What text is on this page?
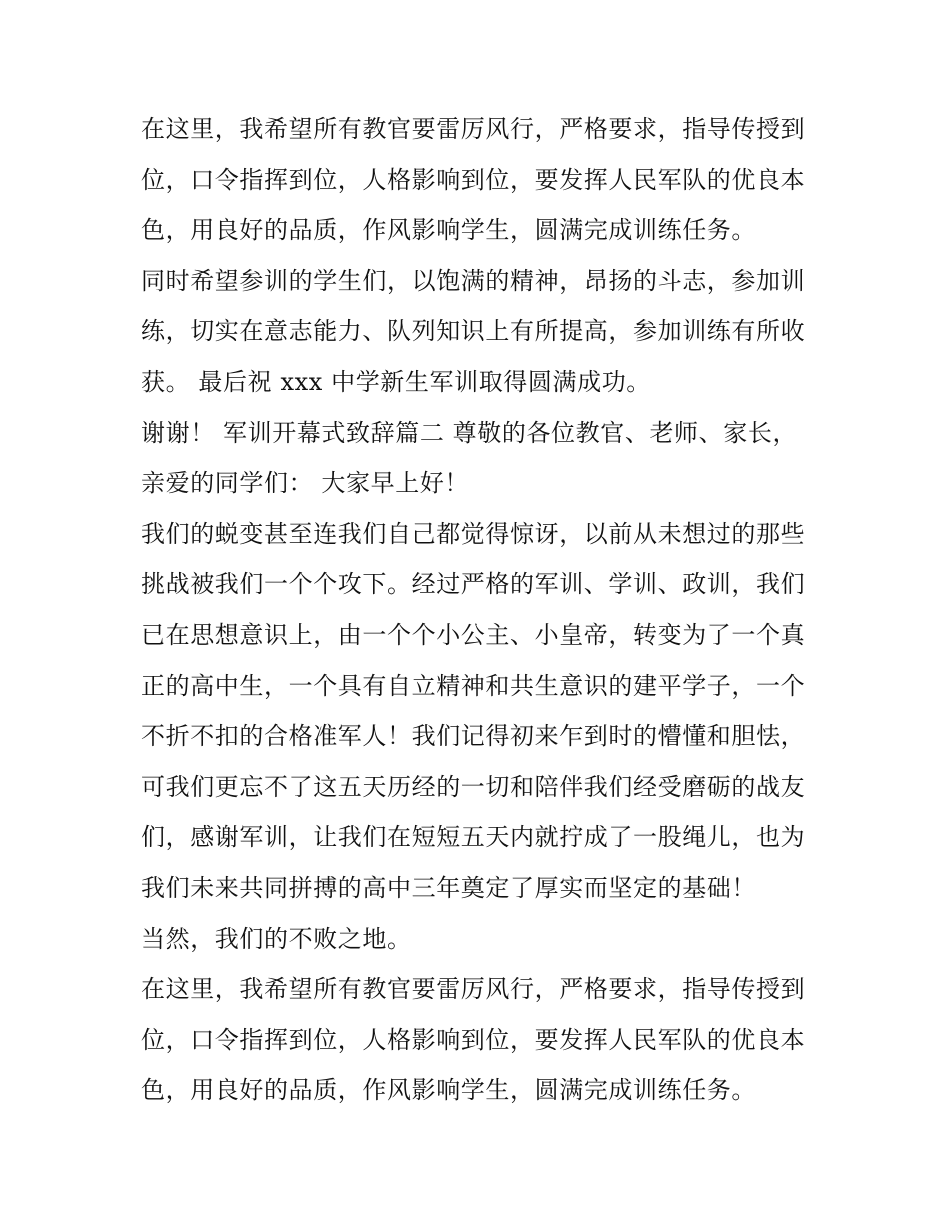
在这里，我希望所有教官要雷厉风行，严格要求，指导传授到
位，口令指挥到位，人格影响到位，要发挥人民军队的优良本
色，用良好的品质，作风影响学生，圆满完成训练任务。
同时希望参训的学生们，以饱满的精神，昂扬的斗志，参加训
练，切实在意志能力、队列知识上有所提高，参加训练有所收
获。 最后祝 xxx 中学新生军训取得圆满成功。
谢谢！ 军训开幕式致辞篇二 尊敬的各位教官、老师、家长，
亲爱的同学们： 大家早上好！
我们的蜕变甚至连我们自己都觉得惊讶，以前从未想过的那些
挑战被我们一个个攻下。经过严格的军训、学训、政训，我们
已在思想意识上，由一个个小公主、小皇帝，转变为了一个真
正的高中生，一个具有自立精神和共生意识的建平学子，一个
不折不扣的合格准军人！我们记得初来乍到时的懵懂和胆怯，
可我们更忘不了这五天历经的一切和陪伴我们经受磨砺的战友
们，感谢军训，让我们在短短五天内就拧成了一股绳儿，也为
我们未来共同拼搏的高中三年奠定了厚实而坚定的基础！
当然，我们的不败之地。
在这里，我希望所有教官要雷厉风行，严格要求，指导传授到
位，口令指挥到位，人格影响到位，要发挥人民军队的优良本
色，用良好的品质，作风影响学生，圆满完成训练任务。
